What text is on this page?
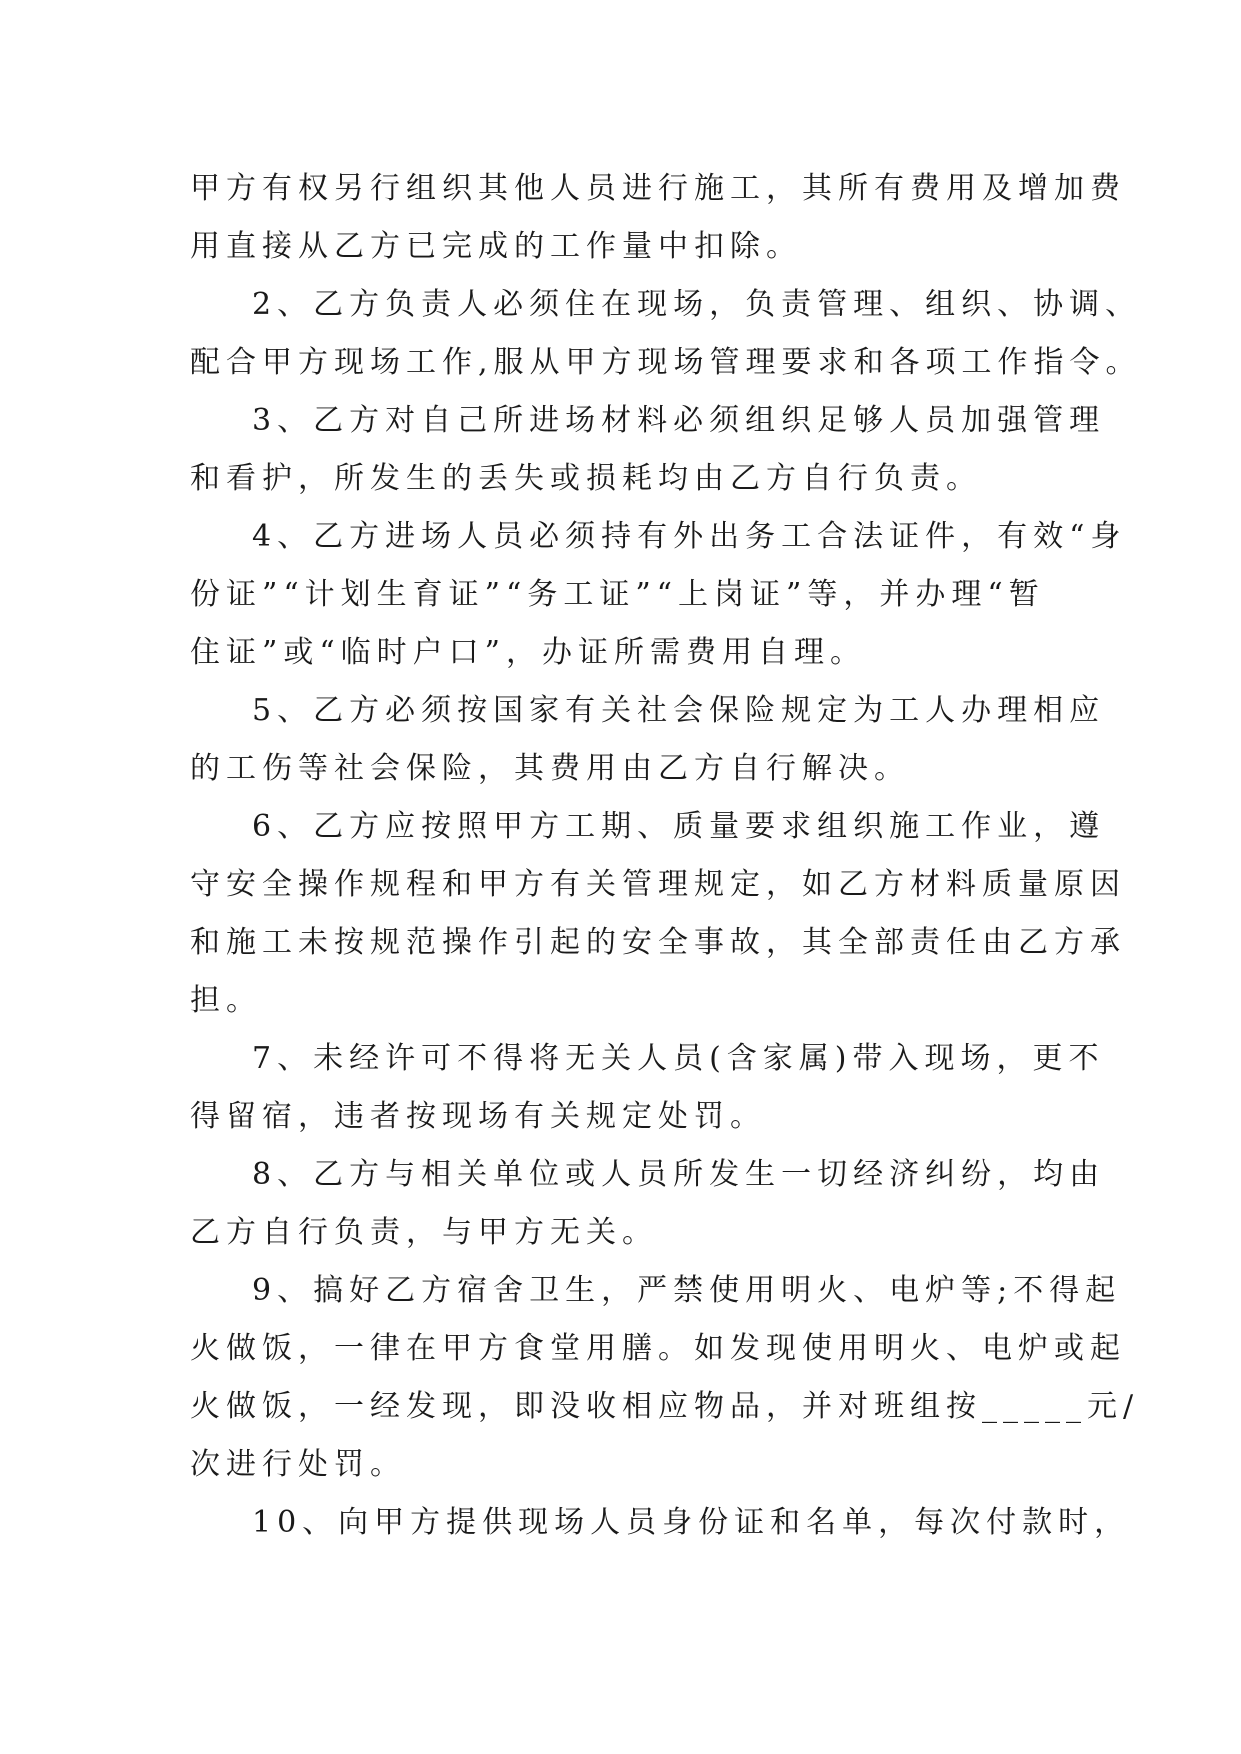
甲方有权另行组织其他人员进行施工，其所有费用及增加费
用直接从乙方已完成的工作量中扣除。
2、乙方负责人必须住在现场，负责管理、组织、协调、
配合甲方现场工作,服从甲方现场管理要求和各项工作指令。
3、乙方对自己所进场材料必须组织足够人员加强管理
和看护，所发生的丢失或损耗均由乙方自行负责。
4、乙方进场人员必须持有外出务工合法证件，有效“身
份证”“计划生育证”“务工证”“上岗证”等，并办理“暂
住证”或“临时户口”，办证所需费用自理。
5、乙方必须按国家有关社会保险规定为工人办理相应
的工伤等社会保险，其费用由乙方自行解决。
6、乙方应按照甲方工期、质量要求组织施工作业，遵
守安全操作规程和甲方有关管理规定，如乙方材料质量原因
和施工未按规范操作引起的安全事故，其全部责任由乙方承
担。
7、未经许可不得将无关人员(含家属)带入现场，更不
得留宿，违者按现场有关规定处罚。
8、乙方与相关单位或人员所发生一切经济纠纷，均由
乙方自行负责，与甲方无关。
9、搞好乙方宿舍卫生，严禁使用明火、电炉等;不得起
火做饭，一律在甲方食堂用膳。如发现使用明火、电炉或起
火做饭，一经发现，即没收相应物品，并对班组按_____元/
次进行处罚。
10、向甲方提供现场人员身份证和名单，每次付款时，
